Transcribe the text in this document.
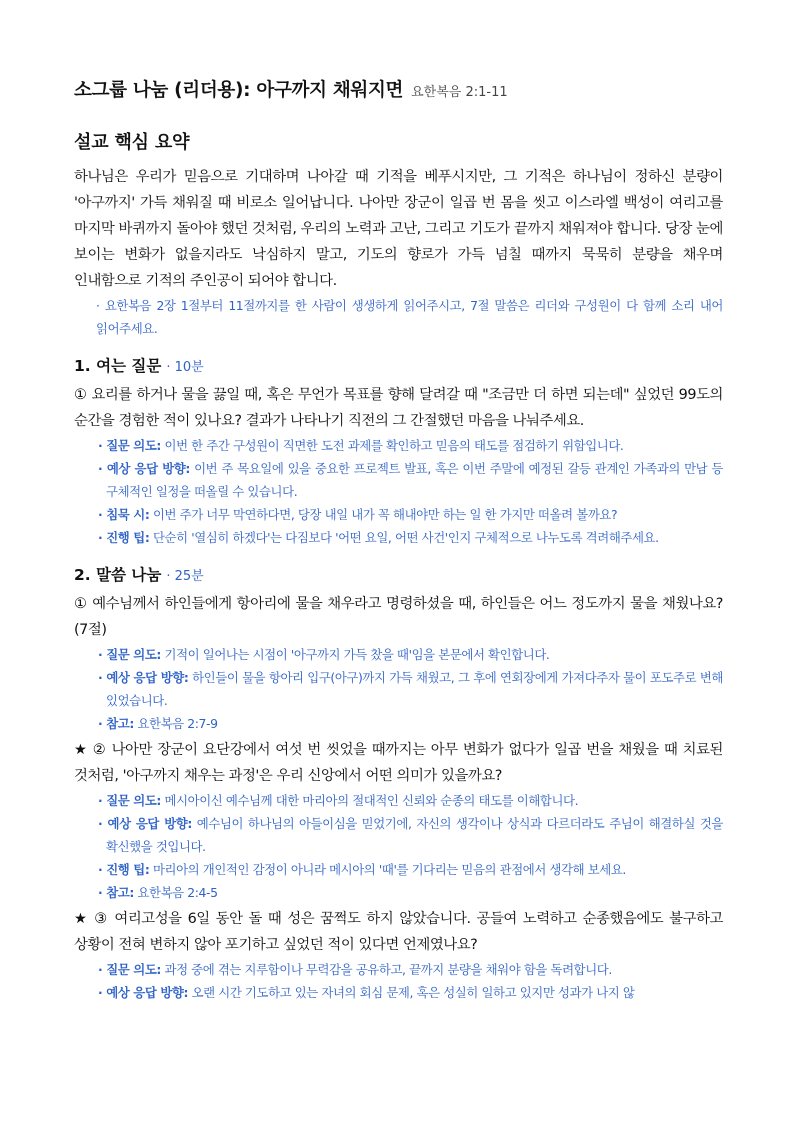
소그룹 나눔 (리더용): 아구까지 채워지면 요한복음 2:1-11
설교 핵심 요약
하나님은 우리가 믿음으로 기대하며 나아갈 때 기적을 베푸시지만, 그 기적은 하나님이 정하신 분량이 '아구까지' 가득 채워질 때 비로소 일어납니다. 나아만 장군이 일곱 번 몸을 씻고 이스라엘 백성이 여리고를 마지막 바퀴까지 돌아야 했던 것처럼, 우리의 노력과 고난, 그리고 기도가 끝까지 채워져야 합니다. 당장 눈에 보이는 변화가 없을지라도 낙심하지 말고, 기도의 향로가 가득 넘칠 때까지 묵묵히 분량을 채우며 인내함으로 기적의 주인공이 되어야 합니다.
· 요한복음 2장 1절부터 11절까지를 한 사람이 생생하게 읽어주시고, 7절 말씀은 리더와 구성원이 다 함께 소리 내어 읽어주세요.
1. 여는 질문 · 10분
① 요리를 하거나 물을 끓일 때, 혹은 무언가 목표를 향해 달려갈 때 "조금만 더 하면 되는데" 싶었던 99도의 순간을 경험한 적이 있나요? 결과가 나타나기 직전의 그 간절했던 마음을 나눠주세요.
· 질문 의도: 이번 한 주간 구성원이 직면한 도전 과제를 확인하고 믿음의 태도를 점검하기 위함입니다.
· 예상 응답 방향: 이번 주 목요일에 있을 중요한 프로젝트 발표, 혹은 이번 주말에 예정된 갈등 관계인 가족과의 만남 등 구체적인 일정을 떠올릴 수 있습니다.
· 침묵 시: 이번 주가 너무 막연하다면, 당장 내일 내가 꼭 해내야만 하는 일 한 가지만 떠올려 볼까요?
· 진행 팁: 단순히 '열심히 하겠다'는 다짐보다 '어떤 요일, 어떤 사건'인지 구체적으로 나누도록 격려해주세요.
2. 말씀 나눔 · 25분
① 예수님께서 하인들에게 항아리에 물을 채우라고 명령하셨을 때, 하인들은 어느 정도까지 물을 채웠나요? (7절)
· 질문 의도: 기적이 일어나는 시점이 '아구까지 가득 찼을 때'임을 본문에서 확인합니다.
· 예상 응답 방향: 하인들이 물을 항아리 입구(아구)까지 가득 채웠고, 그 후에 연회장에게 가져다주자 물이 포도주로 변해 있었습니다.
· 참고: 요한복음 2:7-9
★ ② 나아만 장군이 요단강에서 여섯 번 씻었을 때까지는 아무 변화가 없다가 일곱 번을 채웠을 때 치료된 것처럼, '아구까지 채우는 과정'은 우리 신앙에서 어떤 의미가 있을까요?
· 질문 의도: 메시아이신 예수님께 대한 마리아의 절대적인 신뢰와 순종의 태도를 이해합니다.
· 예상 응답 방향: 예수님이 하나님의 아들이심을 믿었기에, 자신의 생각이나 상식과 다르더라도 주님이 해결하실 것을 확신했을 것입니다.
· 진행 팁: 마리아의 개인적인 감정이 아니라 메시아의 '때'를 기다리는 믿음의 관점에서 생각해 보세요.
· 참고: 요한복음 2:4-5
★ ③ 여리고성을 6일 동안 돌 때 성은 꿈쩍도 하지 않았습니다. 공들여 노력하고 순종했음에도 불구하고 상황이 전혀 변하지 않아 포기하고 싶었던 적이 있다면 언제였나요?
· 질문 의도: 과정 중에 겪는 지루함이나 무력감을 공유하고, 끝까지 분량을 채워야 함을 독려합니다.
· 예상 응답 방향: 오랜 시간 기도하고 있는 자녀의 회심 문제, 혹은 성실히 일하고 있지만 성과가 나지 않
